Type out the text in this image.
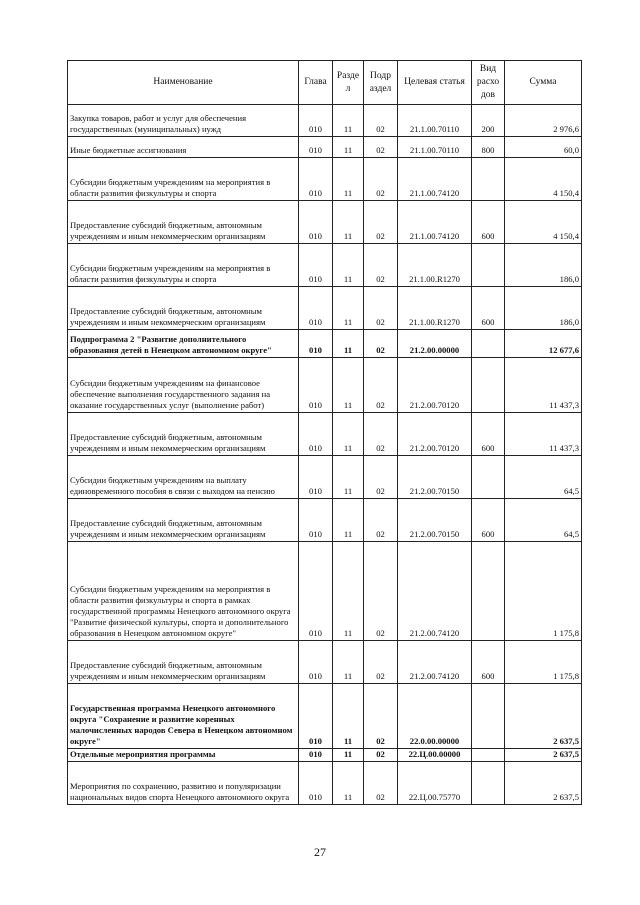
Наименование	Глава	Разде л	Подр аздел	Целевая статья	Вид расхо дов	Сумма
Закупка товаров, работ и услуг для обеспечения государственных (муниципальных) нужд	010	11	02	21.1.00.70110	200	2 976,6
Иные бюджетные ассигнования	010	11	02	21.1.00.70110	800	60,0
Субсидии бюджетным учреждениям на мероприятия в области развития физкультуры и спорта	010	11	02	21.1.00.74120		4 150,4
Предоставление субсидий бюджетным, автономным учреждениям и иным некоммерческим организациям	010	11	02	21.1.00.74120	600	4 150,4
Субсидии бюджетным учреждениям на мероприятия в области развития физкультуры и спорта	010	11	02	21.1.00.R1270		186,0
Предоставление субсидий бюджетным, автономным учреждениям и иным некоммерческим организациям	010	11	02	21.1.00.R1270	600	186,0
Подпрограмма 2 "Развитие дополнительного образования детей в Ненецком автономном округе"	010	11	02	21.2.00.00000		12 677,6
Субсидии бюджетным учреждениям на финансовое обеспечение выполнения государственного задания на оказание государственных услуг (выполнение работ)	010	11	02	21.2.00.70120		11 437,3
Предоставление субсидий бюджетным, автономным учреждениям и иным некоммерческим организациям	010	11	02	21.2.00.70120	600	11 437,3
Субсидии бюджетным учреждениям на выплату единовременного пособия в связи с выходом на пенсию	010	11	02	21.2.00.70150		64,5
Предоставление субсидий бюджетным, автономным учреждениям и иным некоммерческим организациям	010	11	02	21.2.00.70150	600	64,5
Субсидии бюджетным учреждениям на мероприятия в области развития физкультуры и спорта в рамках государственной программы Ненецкого автономного округа "Развитие физической культуры, спорта и дополнительного образования в Ненецком автономном округе"	010	11	02	21.2.00.74120		1 175,8
Предоставление субсидий бюджетным, автономным учреждениям и иным некоммерческим организациям	010	11	02	21.2.00.74120	600	1 175,8
Государственная программа Ненецкого автономного округа "Сохранение и развитие коренных малочисленных народов Севера в Ненецком автономном округе"	010	11	02	22.0.00.00000		2 637,5
Отдельные мероприятия программы	010	11	02	22.Ц.00.00000		2 637,5
Мероприятия по сохранению, развитию и популяризации национальных видов спорта Ненецкого автономного округа	010	11	02	22.Ц.00.75770		2 637,5
27
